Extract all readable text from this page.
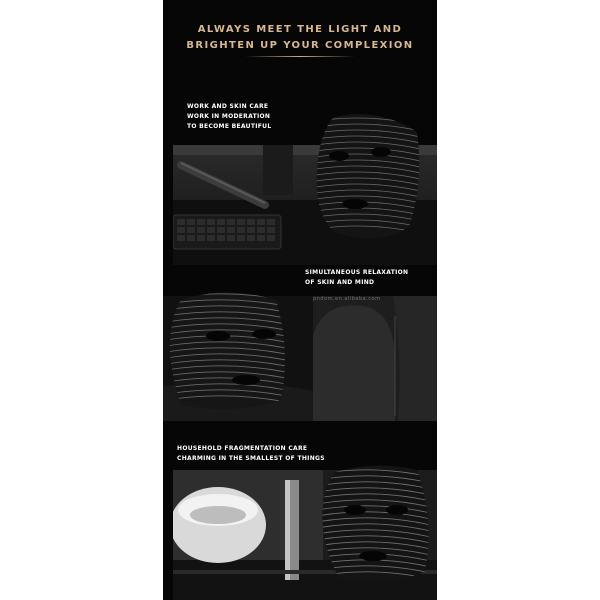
ALWAYS MEET THE LIGHT AND
BRIGHTEN UP YOUR COMPLEXION
WORK AND SKIN CARE
WORK IN MODERATION
TO BECOME BEAUTIFUL
SIMULTANEOUS RELAXATION
OF SKIN AND MIND
pndom.en.alibaba.com
HOUSEHOLD FRAGMENTATION CARE
CHARMING IN THE SMALLEST OF THINGS
